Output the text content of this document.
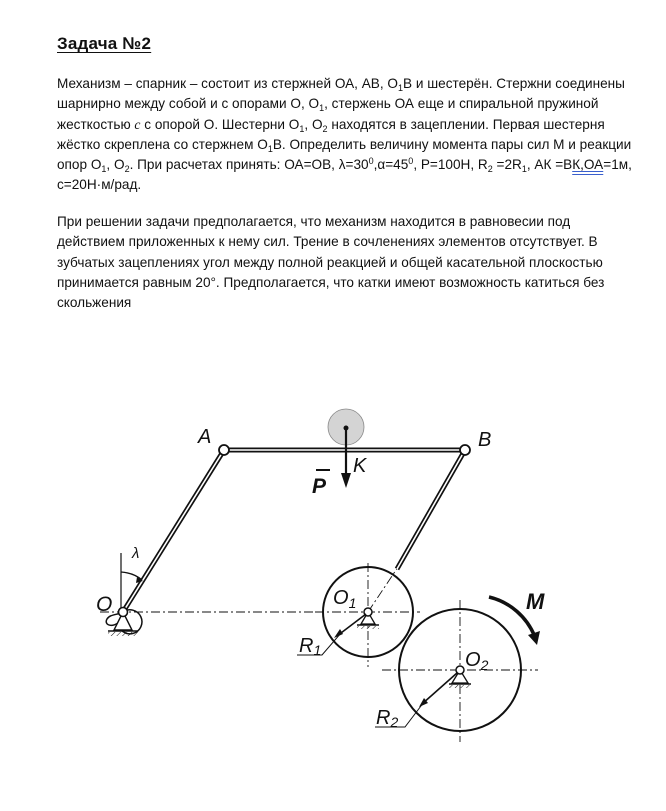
Задача №2
Механизм – спарник – состоит из стержней ОА, АВ, $О_1В$ и шестерён. Стержни соединены
шарнирно между собой и с опорами О, $О_1$, стержень ОА еще и спиральной пружиной
жесткостью c с опорой О. Шестерни $О_1$, $О_2$ находятся в зацеплении. Первая шестерня
жёстко скреплена со стержнем $О_1В$. Определить величину момента пары сил М и реакции
опор $О_1$, $О_2$. При расчетах принять: ОА=ОВ, $\lambda=30^0,\alpha=45^0$, Р=100Н, $R_2 =2R_1$, АК =ВК,ОА=1м,
с=20Н·м/рад.
При решении задачи предполагается, что механизм находится в равновесии под
действием приложенных к нему сил. Трение в сочленениях элементов отсутствует. В
зубчатых зацеплениях угол между полной реакцией и общей касательной плоскостью
принимается равным 20°. Предполагается, что катки имеют возможность катиться без
скольжения
A	B
K
P
λ
O	$O_1$
$O_2$
R1
R2
M
